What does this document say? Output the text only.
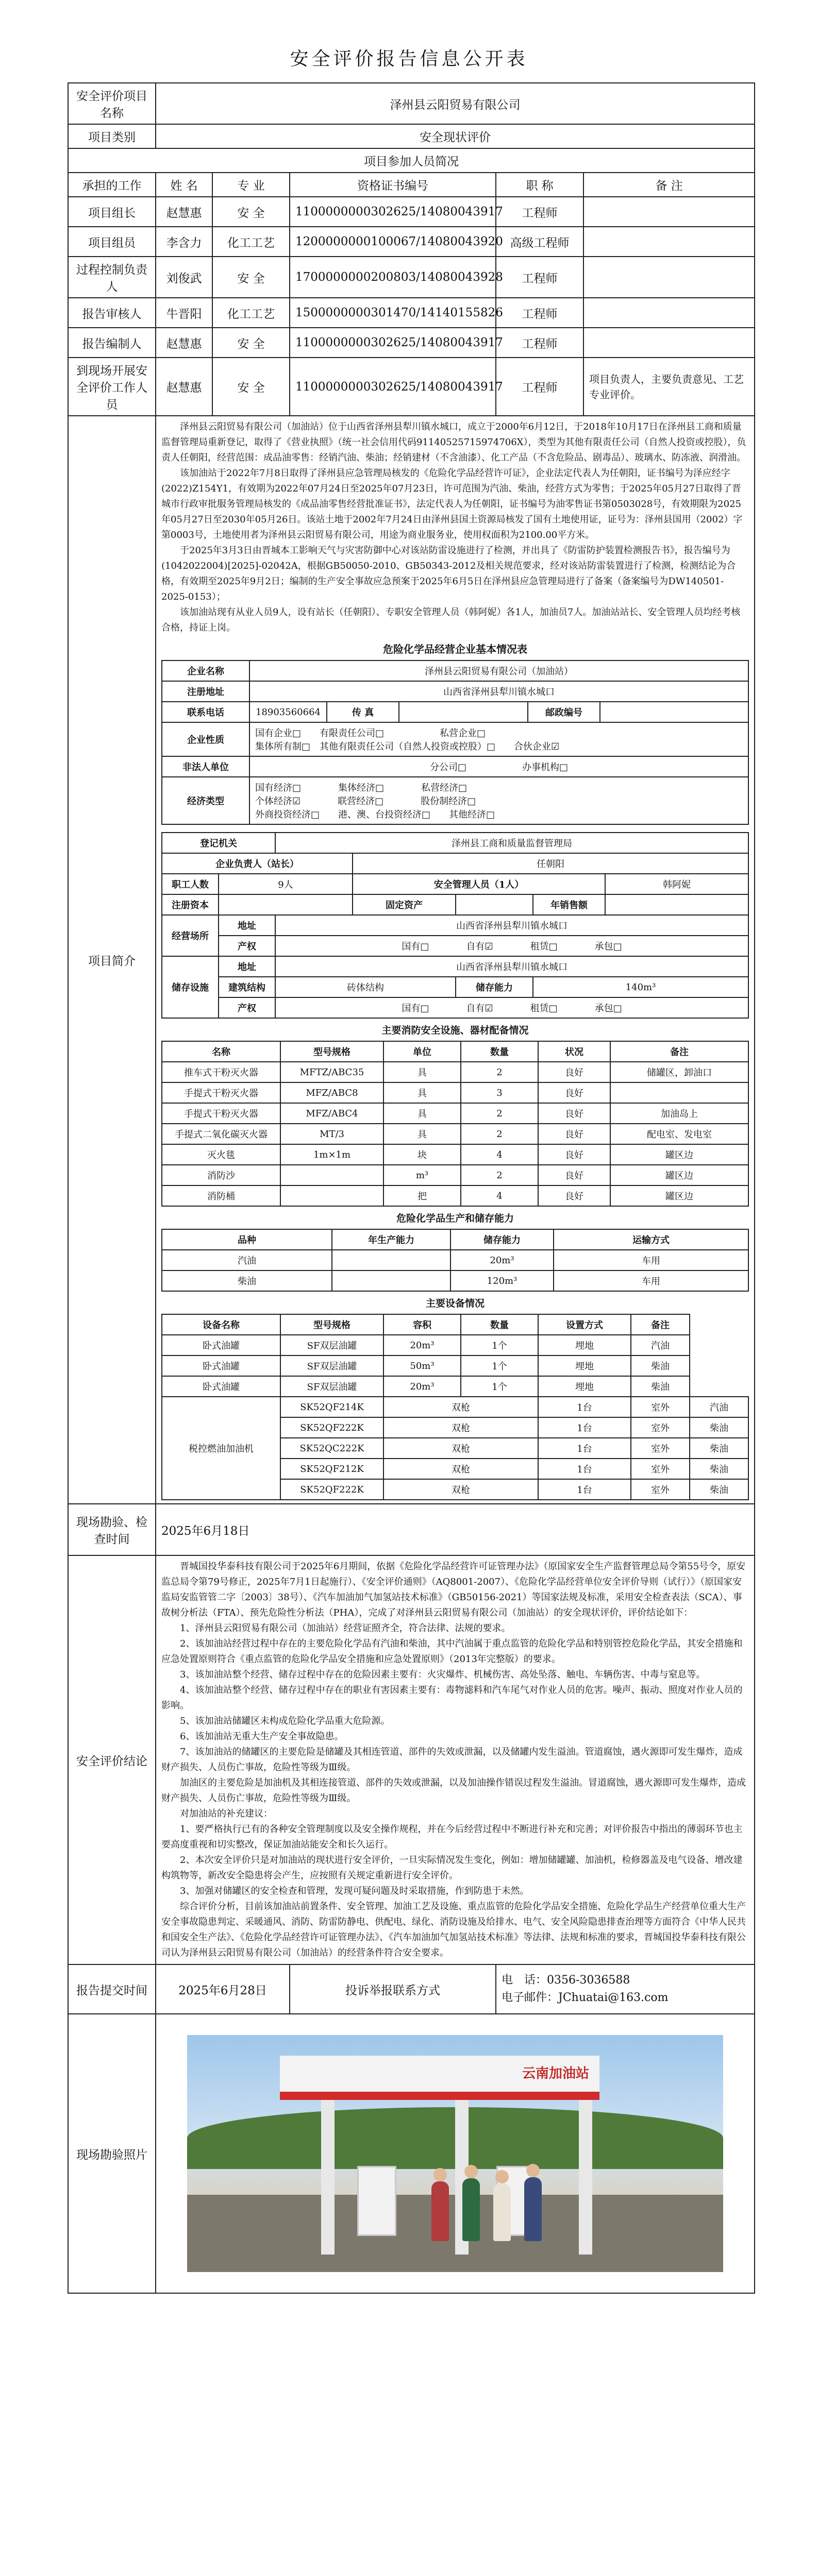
安全评价报告信息公开表
安全评价项目名称	泽州县云阳贸易有限公司
项目类别	安全现状评价
项目参加人员简况
承担的工作	姓 名	专 业	资格证书编号	职 称	备 注
项目组长	赵慧惠	安 全	1100000000302625/14080043917	工程师	
项目组员	李含力	化工工艺	1200000000100067/14080043920	高级工程师	
过程控制负责人	刘俊武	安 全	1700000000200803/14080043928	工程师	
报告审核人	牛晋阳	化工工艺	1500000000301470/14140155826	工程师	
报告编制人	赵慧惠	安 全	1100000000302625/14080043917	工程师	
到现场开展安全评价工作人员	赵慧惠	安 全	1100000000302625/14080043917	工程师	项目负责人，主要负责意见、工艺专业评价。
项目简介	

泽州县云阳贸易有限公司（加油站）位于山西省泽州县犁川镇水城口，成立于2000年6月12日，于2018年10月17日在泽州县工商和质量监督管理局重新登记，取得了《营业执照》（统一社会信用代码91140525715974706X），类型为其他有限责任公司（自然人投资或控股），负责人任朝阳，经营范围：成品油零售：经销汽油、柴油；经销建材（不含油漆）、化工产品（不含危险品、剧毒品）、玻璃水、防冻液、润滑油。

该加油站于2022年7月8日取得了泽州县应急管理局核发的《危险化学品经营许可证》，企业法定代表人为任朝阳，证书编号为泽应经字(2022)Z154Y1，有效期为2022年07月24日至2025年07月23日，许可范围为汽油、柴油，经营方式为零售；于2025年05月27日取得了晋城市行政审批服务管理局核发的《成品油零售经营批准证书》，法定代表人为任朝阳，证书编号为油零售证书第0503028号，有效期限为2025年05月27日至2030年05月26日。该站土地于2002年7月24日由泽州县国土资源局核发了国有土地使用证，证号为：泽州县国用（2002）字第0003号，土地使用者为泽州县云阳贸易有限公司，用途为商业服务业，使用权面积为2100.00平方米。

于2025年3月3日由晋城本工影响天气与灾害防御中心对该站防雷设施进行了检测，并出具了《防雷防护装置检测报告书》，报告编号为(1042022004)[2025]-02042A，根据GB50050-2010、GB50343-2012及相关规范要求，经对该站防雷装置进行了检测，检测结论为合格，有效期至2025年9月2日；编制的生产安全事故应急预案于2025年6月5日在泽州县应急管理局进行了备案（备案编号为DW140501-2025-0153）；

该加油站现有从业人员9人，设有站长（任朝阳）、专职安全管理人员（韩阿妮）各1人，加油员7人。加油站站长、安全管理人员均经考核合格，持证上岗。

危险化学品经营企业基本情况表
企业名称	泽州县云阳贸易有限公司（加油站）
注册地址	山西省泽州县犁川镇水城口
联系电话	18903560664	传 真		邮政编号	
企业性质	
国有企业□　　有限责任公司□　　　　　　私营企业□
集体所有制□　其他有限责任公司（自然人投资或控股）□　　合伙企业☑

非法人单位	分公司□　　　　　　办事机构□
经济类型	
国有经济□　　　　集体经济□　　　　私营经济□
个体经济☑　　　　联营经济□　　　　股份制经济□
外商投资经济□　　港、澳、台投资经济□　　其他经济□
登记机关	泽州县工商和质量监督管理局
企业负责人（站长）	任朝阳
职工人数	9人	安全管理人员（1人）	韩阿妮
注册资本		固定资产		年销售额	
经营场所	地址	山西省泽州县犁川镇水城口
产权	国有□　　　　自有☑　　　　租赁□　　　　承包□
储存设施	地址	山西省泽州县犁川镇水城口
建筑结构	砖体结构	储存能力	140m³
产权	国有□　　　　自有☑　　　　租赁□　　　　承包□
主要消防安全设施、器材配备情况
名称	型号规格	单位	数量	状况	备注
推车式干粉灭火器	MFTZ/ABC35	具	2	良好	储罐区，卸油口
手提式干粉灭火器	MFZ/ABC8	具	3	良好	
手提式干粉灭火器	MFZ/ABC4	具	2	良好	加油岛上
手提式二氧化碳灭火器	MT/3	具	2	良好	配电室、发电室
灭火毯	1m×1m	块	4	良好	罐区边
消防沙		m³	2	良好	罐区边
消防桶		把	4	良好	罐区边
危险化学品生产和储存能力
品种	年生产能力	储存能力	运输方式
汽油		20m³	车用
柴油		120m³	车用
主要设备情况
设备名称	型号规格	容积	数量	设置方式	备注
卧式油罐	SF双层油罐	20m³	1个	埋地	汽油
卧式油罐	SF双层油罐	50m³	1个	埋地	柴油
卧式油罐	SF双层油罐	20m³	1个	埋地	柴油
税控燃油加油机	SK52QF214K	双枪	1台	室外	汽油
SK52QF222K	双枪	1台	室外	柴油
SK52QC222K	双枪	1台	室外	柴油
SK52QF212K	双枪	1台	室外	柴油
SK52QF222K	双枪	1台	室外	柴油

现场勘验、检查时间	2025年6月18日
安全评价结论	

晋城国投华泰科技有限公司于2025年6月期间，依据《危险化学品经营许可证管理办法》（原国家安全生产监督管理总局令第55号令，原安监总局令第79号修正，2025年7月1日起施行）、《安全评价通则》（AQ8001-2007）、《危险化学品经营单位安全评价导则（试行）》（原国家安监局安监管管二字〔2003〕38号）、《汽车加油加气加氢站技术标准》（GB50156-2021）等国家法规及标准，采用安全检查表法（SCA）、事故树分析法（FTA）、预先危险性分析法（PHA），完成了对泽州县云阳贸易有限公司（加油站）的安全现状评价，评价结论如下：

1、泽州县云阳贸易有限公司（加油站）经营证照齐全，符合法律、法规的要求。

2、该加油站经营过程中存在的主要危险化学品有汽油和柴油，其中汽油属于重点监管的危险化学品和特别管控危险化学品，其安全措施和应急处置原则符合《重点监管的危险化学品安全措施和应急处置原则》（2013年完整版）的要求。

3、该加油站整个经营、储存过程中存在的危险因素主要有：火灾爆炸、机械伤害、高处坠落、触电、车辆伤害、中毒与窒息等。

4、该加油站整个经营、储存过程中存在的职业有害因素主要有：毒物滤料和汽车尾气对作业人员的危害。噪声、振动、照度对作业人员的影响。

5、该加油站储罐区未构成危险化学品重大危险源。

6、该加油站无重大生产安全事故隐患。

7、该加油站的储罐区的主要危险是储罐及其相连管道、部件的失效或泄漏，以及储罐内发生溢油。管道腐蚀，遇火源即可发生爆炸，造成财产损失、人员伤亡事故，危险性等级为Ⅲ级。

加油区的主要危险是加油机及其相连接管道、部件的失效或泄漏，以及加油操作错误过程发生溢油。冒道腐蚀，遇火源即可发生爆炸，造成财产损失、人员伤亡事故，危险性等级为Ⅲ级。

对加油站的补充建议：

1、要严格执行已有的各种安全管理制度以及安全操作规程，并在今后经营过程中不断进行补充和完善；对评价报告中指出的薄弱环节也主要高度重视和切实整改，保证加油站能安全和长久运行。

2、本次安全评价只是对加油站的现状进行安全评价，一旦实际情况发生变化，例如：增加储罐罐、加油机，检修器盖及电气设备、增改建构筑物等，新改安全隐患将会产生，应按照有关规定重新进行安全评价。

3、加强对储罐区的安全检查和管理，发现可疑问题及时采取措施，作到防患于未然。

综合评价分析，目前该加油站前置条件、安全管理、加油工艺及设施、重点监管的危险化学品安全措施、危险化学品生产经营单位重大生产安全事故隐患判定、采暖通风、消防、防雷防静电、供配电、绿化、消防设施及给排水、电气、安全风险隐患排查治理等方面符合《中华人民共和国安全生产法》、《危险化学品经营许可证管理办法》、《汽车加油加气加氢站技术标准》等法律、法规和标准的要求，晋城国投华泰科技有限公司认为泽州县云阳贸易有限公司（加油站）的经营条件符合安全要求。

报告提交时间	2025年6月28日	投诉举报联系方式	
电　话：0356-3036588
电子邮件：JChuatai@163.com

现场勘验照片	
云南加油站
